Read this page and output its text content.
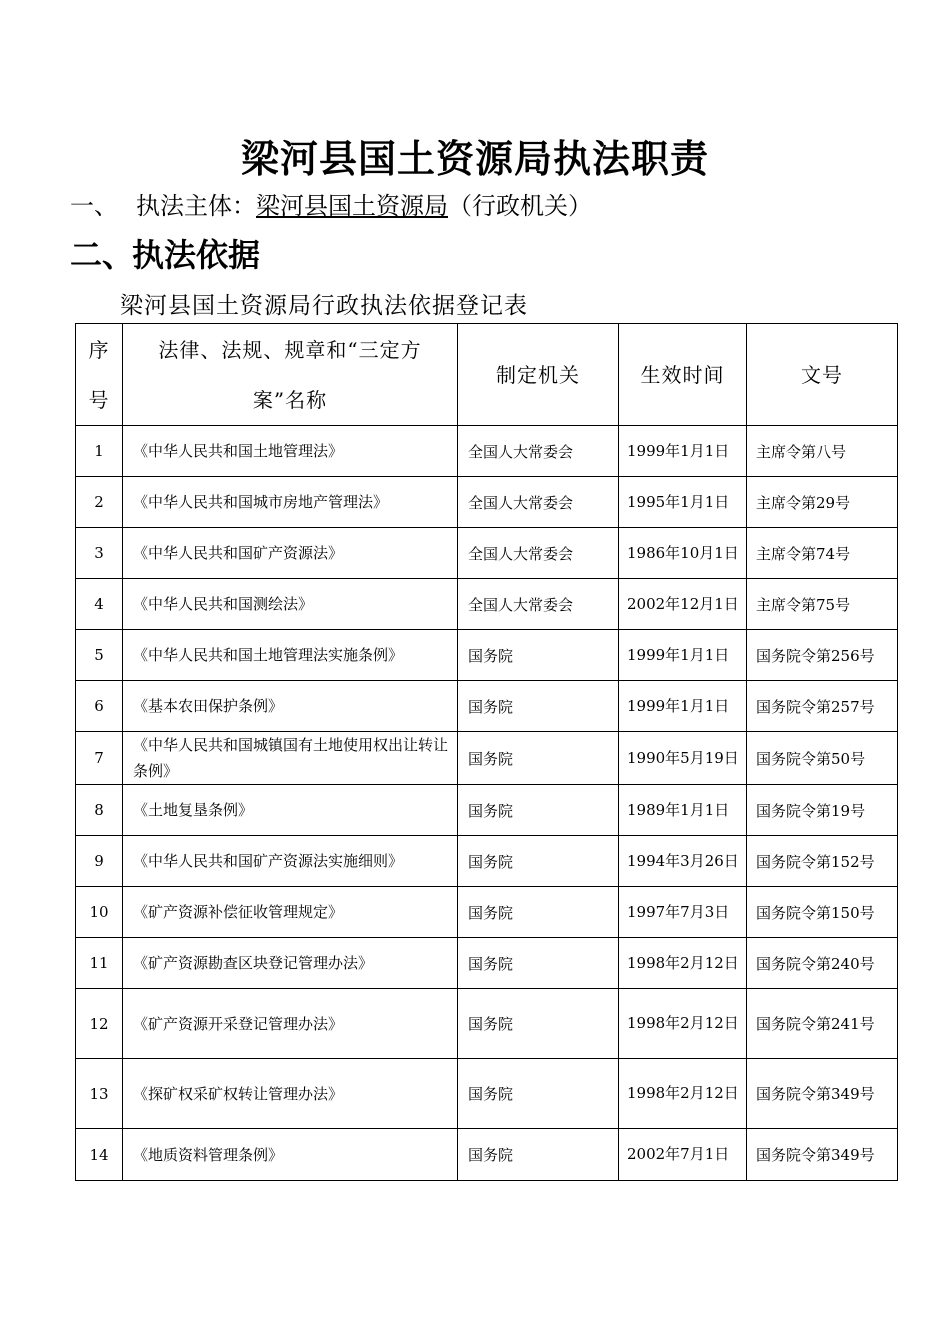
梁河县国土资源局执法职责
一、 执法主体：梁河县国土资源局（行政机关）
二、执法依据
梁河县国土资源局行政执法依据登记表
序号	法律、法规、规章和“三定方案”名称	制定机关	生效时间	文号
1	《中华人民共和国土地管理法》	全国人大常委会	1999年1月1日	主席令第八号
2	《中华人民共和国城市房地产管理法》	全国人大常委会	1995年1月1日	主席令第29号
3	《中华人民共和国矿产资源法》	全国人大常委会	1986年10月1日	主席令第74号
4	《中华人民共和国测绘法》	全国人大常委会	2002年12月1日	主席令第75号
5	《中华人民共和国土地管理法实施条例》	国务院	1999年1月1日	国务院令第256号
6	《基本农田保护条例》	国务院	1999年1月1日	国务院令第257号
7	《中华人民共和国城镇国有土地使用权出让转让条例》	国务院	1990年5月19日	国务院令第50号
8	《土地复垦条例》	国务院	1989年1月1日	国务院令第19号
9	《中华人民共和国矿产资源法实施细则》	国务院	1994年3月26日	国务院令第152号
10	《矿产资源补偿征收管理规定》	国务院	1997年7月3日	国务院令第150号
11	《矿产资源勘查区块登记管理办法》	国务院	1998年2月12日	国务院令第240号
12	《矿产资源开采登记管理办法》	国务院	1998年2月12日	国务院令第241号
13	《探矿权采矿权转让管理办法》	国务院	1998年2月12日	国务院令第349号
14	《地质资料管理条例》	国务院	2002年7月1日	国务院令第349号
